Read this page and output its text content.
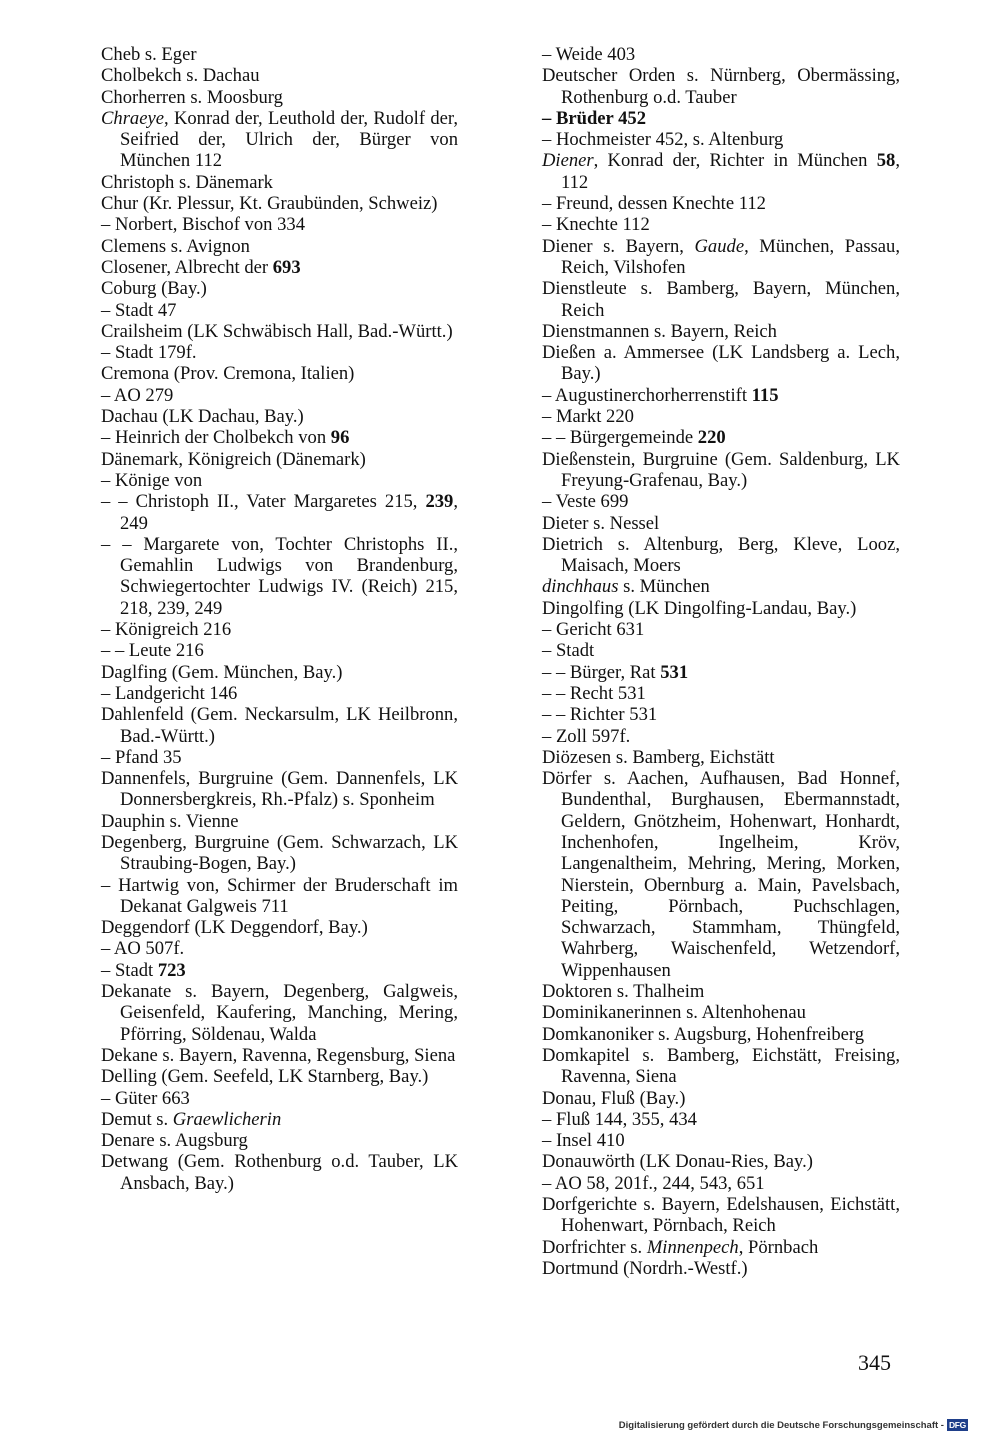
Cheb s. Eger
Cholbekch s. Dachau
Chorherren s. Moosburg
Chraeye, Konrad der, Leuthold der, Rudolf der, Seifried der, Ulrich der, Bürger von München 112
Christoph s. Dänemark
Chur (Kr. Plessur, Kt. Graubünden, Schweiz)
– Norbert, Bischof von 334
Clemens s. Avignon
Closener, Albrecht der 693
Coburg (Bay.)
– Stadt 47
Crailsheim (LK Schwäbisch Hall, Bad.-Württ.)
– Stadt 179f.
Cremona (Prov. Cremona, Italien)
– AO 279
Dachau (LK Dachau, Bay.)
– Heinrich der Cholbekch von 96
Dänemark, Königreich (Dänemark)
– Könige von
– – Christoph II., Vater Margaretes 215, 239, 249
– – Margarete von, Tochter Christophs II., Gemahlin Ludwigs von Brandenburg, Schwiegertochter Ludwigs IV. (Reich) 215, 218, 239, 249
– Königreich 216
– – Leute 216
Daglfing (Gem. München, Bay.)
– Landgericht 146
Dahlenfeld (Gem. Neckarsulm, LK Heilbronn, Bad.-Württ.)
– Pfand 35
Dannenfels, Burgruine (Gem. Dannenfels, LK Donnersbergkreis, Rh.-Pfalz) s. Sponheim
Dauphin s. Vienne
Degenberg, Burgruine (Gem. Schwarzach, LK Straubing-Bogen, Bay.)
– Hartwig von, Schirmer der Bruderschaft im Dekanat Galgweis 711
Deggendorf (LK Deggendorf, Bay.)
– AO 507f.
– Stadt 723
Dekanate s. Bayern, Degenberg, Galgweis, Geisenfeld, Kaufering, Manching, Mering, Pförring, Söldenau, Walda
Dekane s. Bayern, Ravenna, Regensburg, Siena
Delling (Gem. Seefeld, LK Starnberg, Bay.)
– Güter 663
Demut s. Graewlicherin
Denare s. Augsburg
Detwang (Gem. Rothenburg o.d. Tauber, LK Ansbach, Bay.)
– Weide 403
Deutscher Orden s. Nürnberg, Obermässing, Rothenburg o.d. Tauber
– Brüder 452
– Hochmeister 452, s. Altenburg
Diener, Konrad der, Richter in München 58, 112
– Freund, dessen Knechte 112
– Knechte 112
Diener s. Bayern, Gaude, München, Passau, Reich, Vilshofen
Dienstleute s. Bamberg, Bayern, München, Reich
Dienstmannen s. Bayern, Reich
Dießen a. Ammersee (LK Landsberg a. Lech, Bay.)
– Augustinerchorherrenstift 115
– Markt 220
– – Bürgergemeinde 220
Dießenstein, Burgruine (Gem. Saldenburg, LK Freyung-Grafenau, Bay.)
– Veste 699
Dieter s. Nessel
Dietrich s. Altenburg, Berg, Kleve, Looz, Maisach, Moers
dinchhaus s. München
Dingolfing (LK Dingolfing-Landau, Bay.)
– Gericht 631
– Stadt
– – Bürger, Rat 531
– – Recht 531
– – Richter 531
– Zoll 597f.
Diözesen s. Bamberg, Eichstätt
Dörfer s. Aachen, Aufhausen, Bad Honnef, Bundenthal, Burghausen, Ebermannstadt, Geldern, Gnötzheim, Hohenwart, Honhardt, Inchenhofen, Ingelheim, Kröv, Langenaltheim, Mehring, Mering, Morken, Nierstein, Obernburg a. Main, Pavelsbach, Peiting, Pörnbach, Puchschlagen, Schwarzach, Stammham, Thüngfeld, Wahrberg, Waischenfeld, Wetzendorf, Wippenhausen
Doktoren s. Thalheim
Dominikanerinnen s. Altenhohenau
Domkanoniker s. Augsburg, Hohenfreiberg
Domkapitel s. Bamberg, Eichstätt, Freising, Ravenna, Siena
Donau, Fluß (Bay.)
– Fluß 144, 355, 434
– Insel 410
Donauwörth (LK Donau-Ries, Bay.)
– AO 58, 201f., 244, 543, 651
Dorfgerichte s. Bayern, Edelshausen, Eichstätt, Hohenwart, Pörnbach, Reich
Dorfrichter s. Minnenpech, Pörnbach
Dortmund (Nordrh.-Westf.)
345
Digitalisierung gefördert durch die Deutsche Forschungsgemeinschaft - DFG
